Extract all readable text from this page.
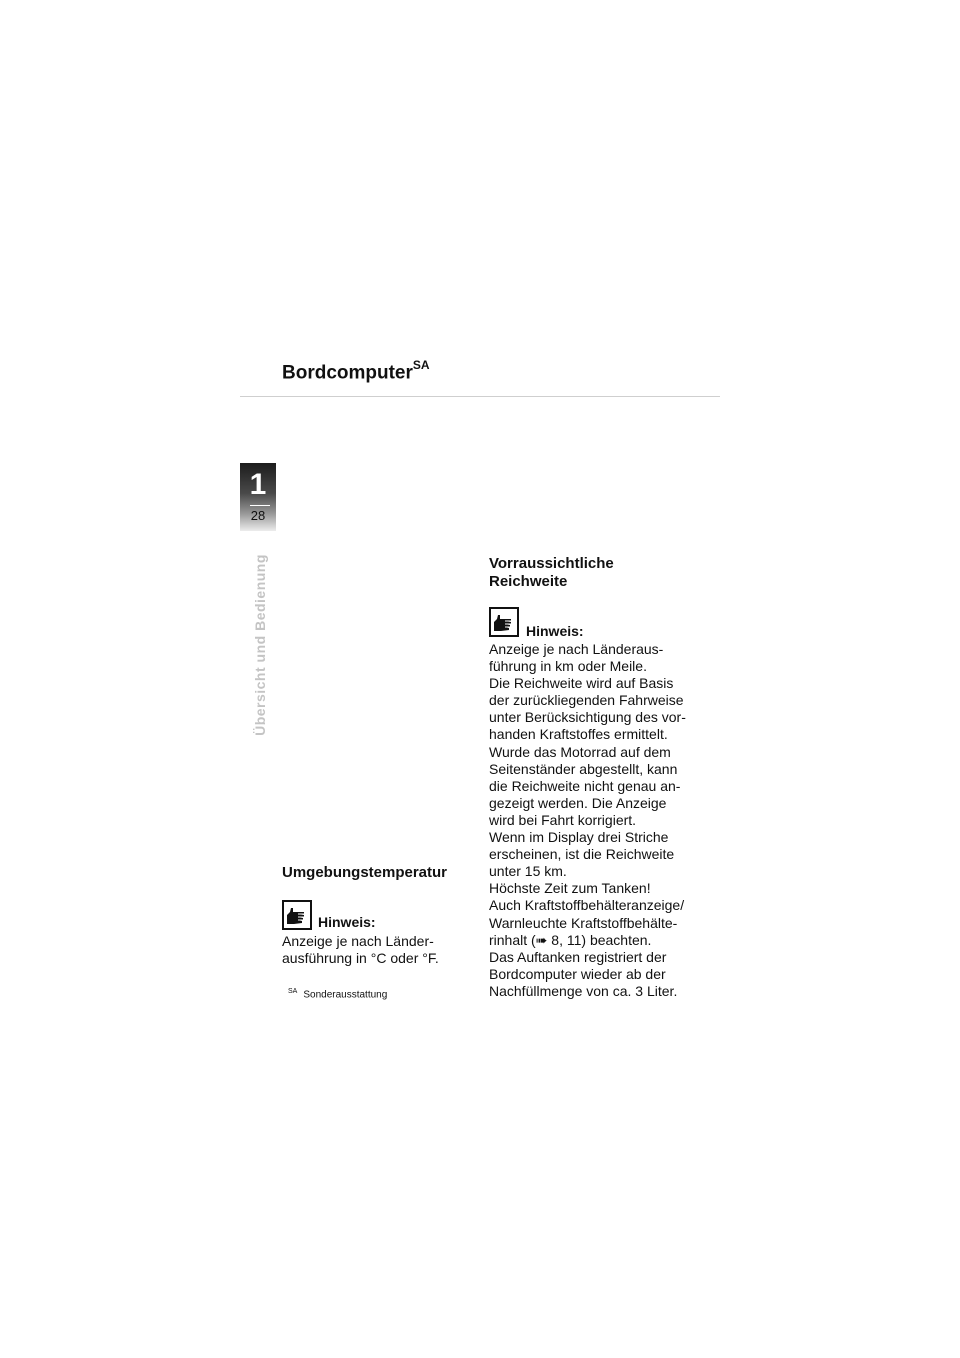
Bordcomputer$^{SA}$
1
28
Übersicht und Bedienung
Umgebungstemperatur
Hinweis:
Anzeige je nach Länder-
ausführung in °C oder °F.
$^{SA}$ Sonderausstattung
Vorraussichtliche
Reichweite
Hinweis:
Anzeige je nach Länderaus-
führung in km oder Meile.
Die Reichweite wird auf Basis
der zurückliegenden Fahrweise
unter Berücksichtigung des vor-
handen Kraftstoffes ermittelt.
Wurde das Motorrad auf dem
Seitenständer abgestellt, kann
die Reichweite nicht genau an-
gezeigt werden. Die Anzeige
wird bei Fahrt korrigiert.
Wenn im Display drei Striche
erscheinen, ist die Reichweite
unter 15 km.
Höchste Zeit zum Tanken!
Auch Kraftstoffbehälteranzeige/
Warnleuchte Kraftstoffbehälte-
rinhalt (➠ 8, 11) beachten.
Das Auftanken registriert der
Bordcomputer wieder ab der
Nachfüllmenge von ca. 3 Liter.
